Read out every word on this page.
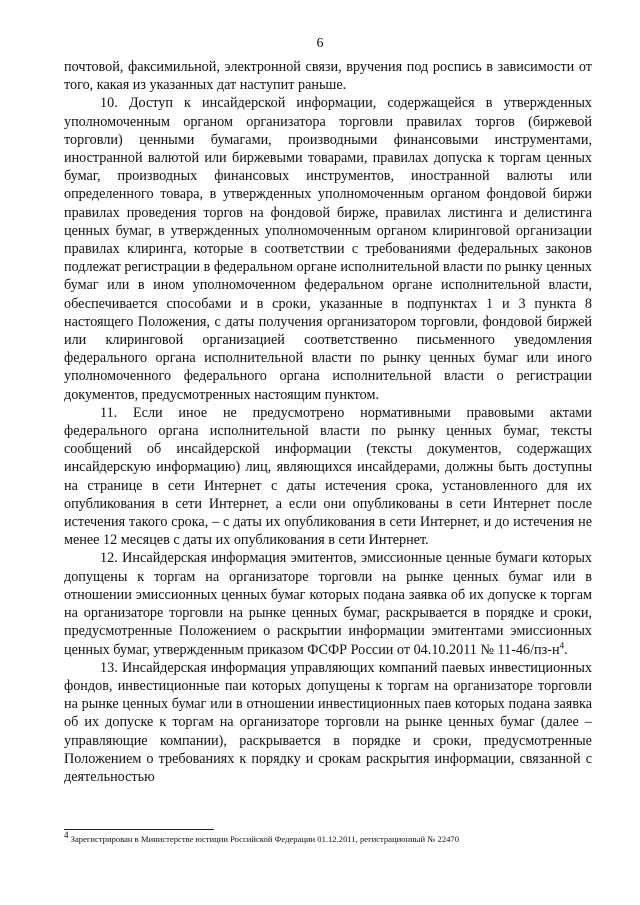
6

почтовой, факсимильной, электронной связи, вручения под роспись в зависимости от того, какая из указанных дат наступит раньше.

10. Доступ к инсайдерской информации, содержащейся в утвержденных уполномоченным органом организатора торговли правилах торгов (биржевой торговли) ценными бумагами, производными финансовыми инструментами, иностранной валютой или биржевыми товарами, правилах допуска к торгам ценных бумаг, производных финансовых инструментов, иностранной валюты или определенного товара, в утвержденных уполномоченным органом фондовой биржи правилах проведения торгов на фондовой бирже, правилах листинга и делистинга ценных бумаг, в утвержденных уполномоченным органом клиринговой организации правилах клиринга, которые в соответствии с требованиями федеральных законов подлежат регистрации в федеральном органе исполнительной власти по рынку ценных бумаг или в ином уполномоченном федеральном органе исполнительной власти, обеспечивается способами и в сроки, указанные в подпунктах 1 и 3 пункта 8 настоящего Положения, с даты получения организатором торговли, фондовой биржей или клиринговой организацией соответственно письменного уведомления федерального органа исполнительной власти по рынку ценных бумаг или иного уполномоченного федерального органа исполнительной власти о регистрации документов, предусмотренных настоящим пунктом.

11. Если иное не предусмотрено нормативными правовыми актами федерального органа исполнительной власти по рынку ценных бумаг, тексты сообщений об инсайдерской информации (тексты документов, содержащих инсайдерскую информацию) лиц, являющихся инсайдерами, должны быть доступны на странице в сети Интернет с даты истечения срока, установленного для их опубликования в сети Интернет, а если они опубликованы в сети Интернет после истечения такого срока, – с даты их опубликования в сети Интернет, и до истечения не менее 12 месяцев с даты их опубликования в сети Интернет.

12. Инсайдерская информация эмитентов, эмиссионные ценные бумаги которых допущены к торгам на организаторе торговли на рынке ценных бумаг или в отношении эмиссионных ценных бумаг которых подана заявка об их допуске к торгам на организаторе торговли на рынке ценных бумаг, раскрывается в порядке и сроки, предусмотренные Положением о раскрытии информации эмитентами эмиссионных ценных бумаг, утвержденным приказом ФСФР России от 04.10.2011 № $11-46/пз-н^4$.

13. Инсайдерская информация управляющих компаний паевых инвестиционных фондов, инвестиционные паи которых допущены к торгам на организаторе торговли на рынке ценных бумаг или в отношении инвестиционных паев которых подана заявка об их допуске к торгам на организаторе торговли на рынке ценных бумаг (далее – управляющие компании), раскрывается в порядке и сроки, предусмотренные Положением о требованиях к порядку и срокам раскрытия информации, связанной с деятельностью

$^4$ Зарегистрирован в Министерстве юстиции Российской Федерации 01.12.2011, регистрационный № 22470
